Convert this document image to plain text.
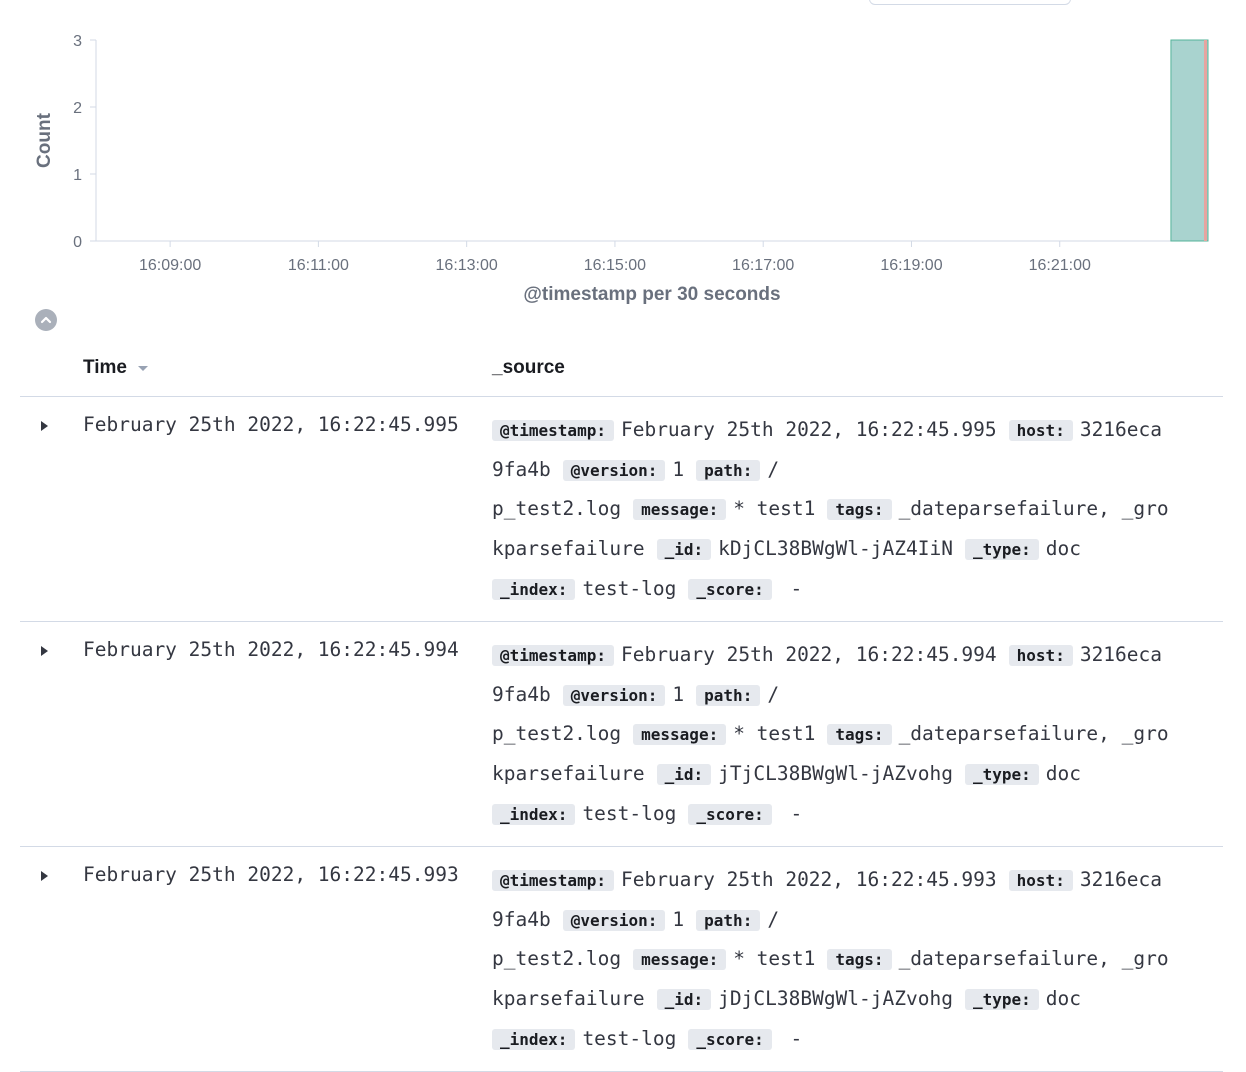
0
1
2
3
16:09:00	16:11:00	16:13:00	16:15:00	16:17:00	16:19:00	16:21:00
Count
@timestamp per 30 seconds
Time	_source
February 25th 2022, 16:22:45.995	@timestamp: February 25th 2022, 16:22:45.995 host: 3216eca
9fa4b @version: 1 path: /
p_test2.log message: * test1 tags: _dateparsefailure, _gro
kparsefailure _id: kDjCL38BWgWl-jAZ4IiN _type: doc
_index: test-log _score: -
February 25th 2022, 16:22:45.994	@timestamp: February 25th 2022, 16:22:45.994 host: 3216eca
9fa4b @version: 1 path: /
p_test2.log message: * test1 tags: _dateparsefailure, _gro
kparsefailure _id: jTjCL38BWgWl-jAZvohg _type: doc
_index: test-log _score: -
February 25th 2022, 16:22:45.993	@timestamp: February 25th 2022, 16:22:45.993 host: 3216eca
9fa4b @version: 1 path: /
p_test2.log message: * test1 tags: _dateparsefailure, _gro
kparsefailure _id: jDjCL38BWgWl-jAZvohg _type: doc
_index: test-log _score: -
